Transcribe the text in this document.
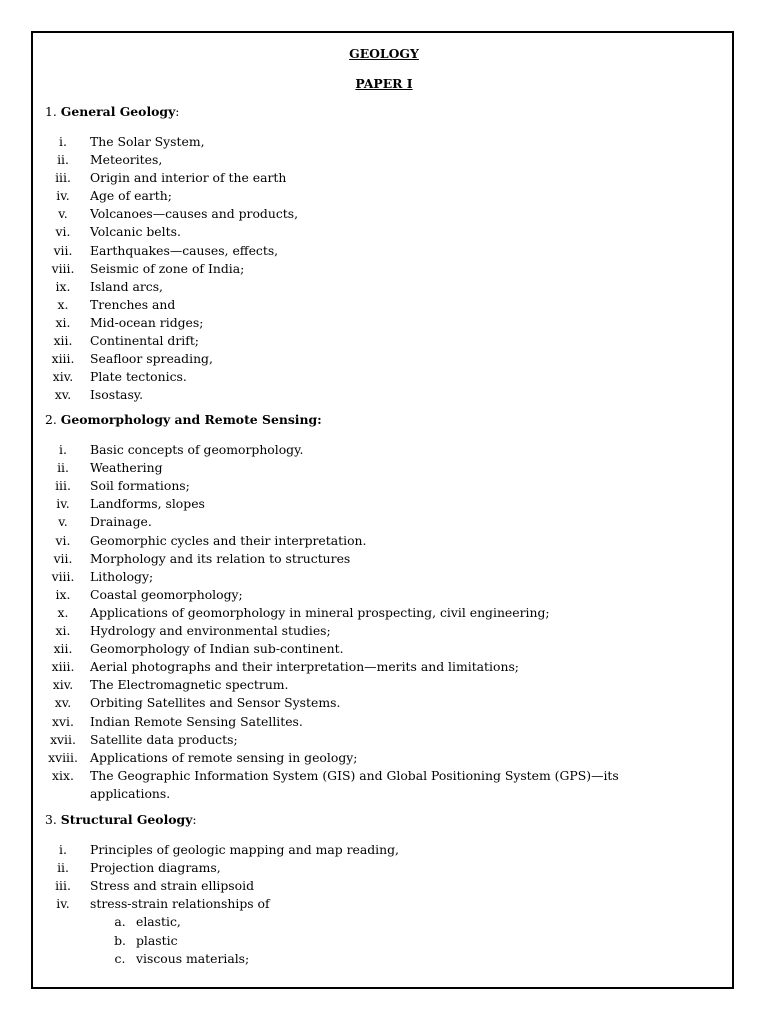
GEOLOGY
PAPER I
1. General Geology:
i.	The Solar System,
ii.	Meteorites,
iii.	Origin and interior of the earth
iv.	Age of earth;
v.	Volcanoes—causes and products,
vi.	Volcanic belts.
vii.	Earthquakes—causes, effects,
viii.	Seismic of zone of India;
ix.	Island arcs,
x.	Trenches and
xi.	Mid-ocean ridges;
xii.	Continental drift;
xiii.	Seafloor spreading,
xiv.	Plate tectonics.
xv.	Isostasy.
2. Geomorphology and Remote Sensing:
i.	Basic concepts of geomorphology.
ii.	Weathering
iii.	Soil formations;
iv.	Landforms, slopes
v.	Drainage.
vi.	Geomorphic cycles and their interpretation.
vii.	Morphology and its relation to structures
viii.	Lithology;
ix.	Coastal geomorphology;
x.	Applications of geomorphology in mineral prospecting, civil engineering;
xi.	Hydrology and environmental studies;
xii.	Geomorphology of Indian sub-continent.
xiii.	Aerial photographs and their interpretation—merits and limitations;
xiv.	The Electromagnetic spectrum.
xv.	Orbiting Satellites and Sensor Systems.
xvi.	Indian Remote Sensing Satellites.
xvii.	Satellite data products;
xviii. Applications of remote sensing in geology;
xix.	The Geographic Information System (GIS) and Global Positioning System (GPS)—its
applications.
3. Structural Geology:
i.	Principles of geologic mapping and map reading,
ii.	Projection diagrams,
iii.	Stress and strain ellipsoid
iv.	stress-strain relationships of
a. elastic,
b. plastic
c. viscous materials;
